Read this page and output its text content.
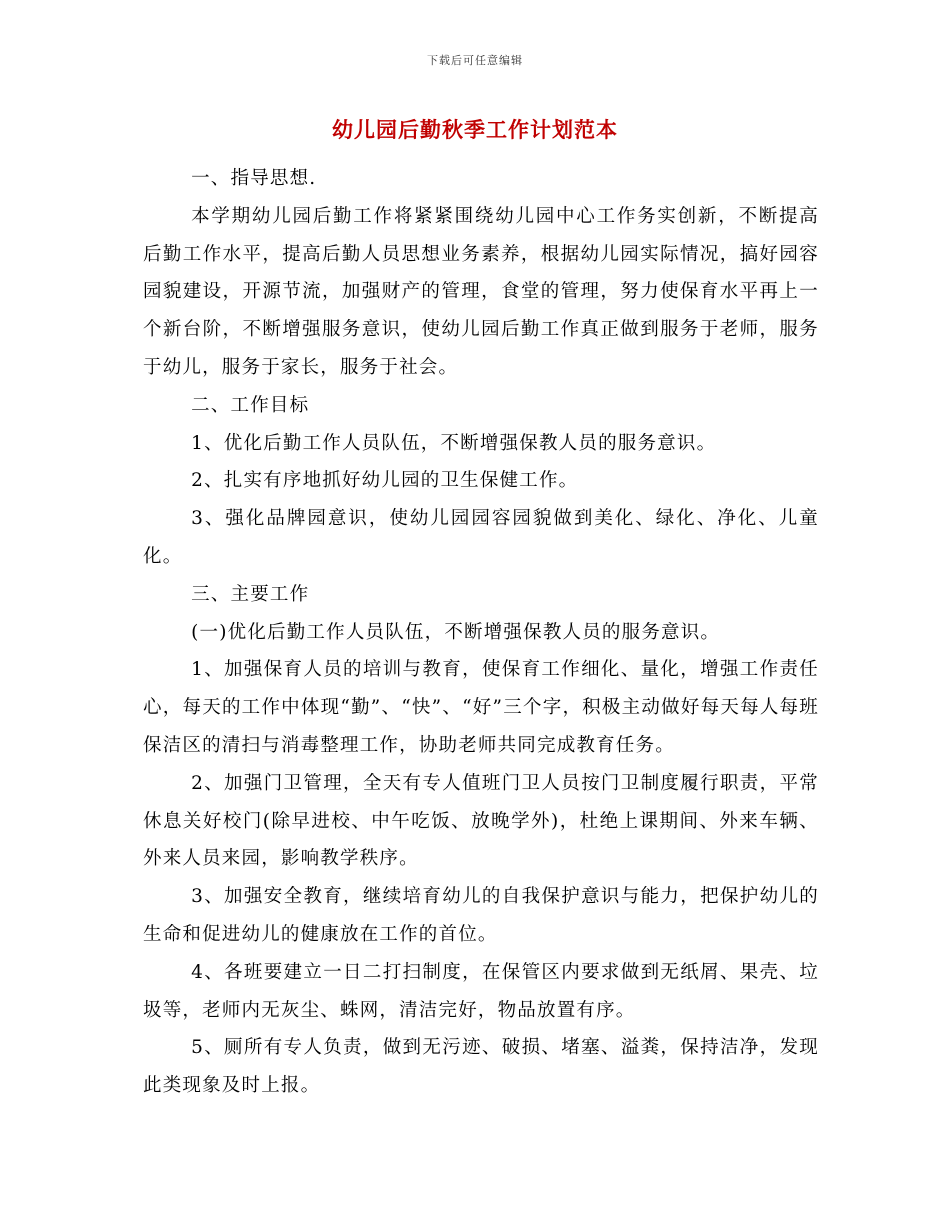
下载后可任意编辑
幼儿园后勤秋季工作计划范本

一、指导思想.

本学期幼儿园后勤工作将紧紧围绕幼儿园中心工作务实创新，不断提高后勤工作水平，提高后勤人员思想业务素养，根据幼儿园实际情况，搞好园容园貌建设，开源节流，加强财产的管理，食堂的管理，努力使保育水平再上一个新台阶，不断增强服务意识，使幼儿园后勤工作真正做到服务于老师，服务于幼儿，服务于家长，服务于社会。

二、工作目标

1、优化后勤工作人员队伍，不断增强保教人员的服务意识。

2、扎实有序地抓好幼儿园的卫生保健工作。

3、强化品牌园意识，使幼儿园园容园貌做到美化、绿化、净化、儿童化。

三、主要工作

(一)优化后勤工作人员队伍，不断增强保教人员的服务意识。

1、加强保育人员的培训与教育，使保育工作细化、量化，增强工作责任心，每天的工作中体现“勤”、“快”、“好”三个字，积极主动做好每天每人每班保洁区的清扫与消毒整理工作，协助老师共同完成教育任务。

2、加强门卫管理，全天有专人值班门卫人员按门卫制度履行职责，平常休息关好校门(除早进校、中午吃饭、放晚学外)，杜绝上课期间、外来车辆、外来人员来园，影响教学秩序。

3、加强安全教育，继续培育幼儿的自我保护意识与能力，把保护幼儿的生命和促进幼儿的健康放在工作的首位。

4、各班要建立一日二打扫制度，在保管区内要求做到无纸屑、果壳、垃圾等，老师内无灰尘、蛛网，清洁完好，物品放置有序。

5、厕所有专人负责，做到无污迹、破损、堵塞、溢粪，保持洁净，发现此类现象及时上报。
